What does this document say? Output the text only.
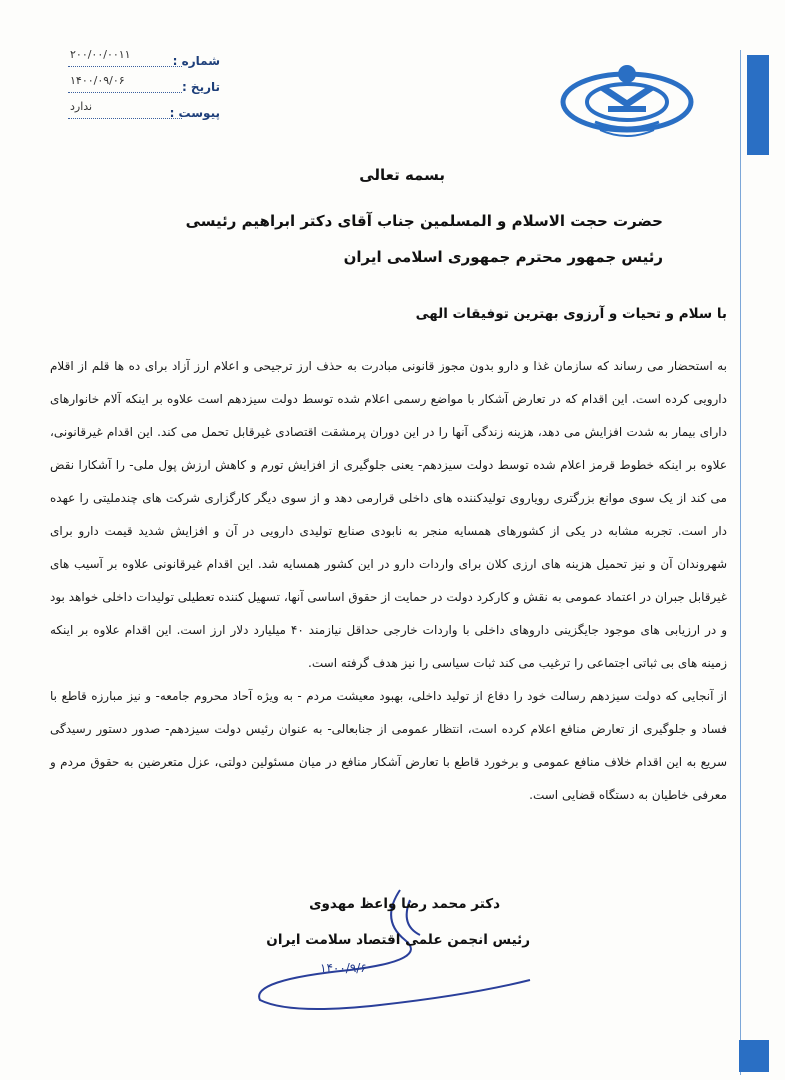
شماره :
۲۰۰/۰۰/۰۰۱۱
تاریخ :
۱۴۰۰/۰۹/۰۶
پیوست :
ندارد
بسمه تعالی
حضرت حجت الاسلام و المسلمین جناب آقای دکتر ابراهیم رئیسی
رئیس جمهور محترم جمهوری اسلامی ایران
با سلام و تحیات و آرزوی بهترین توفیقات الهی

به استحضار می رساند که سازمان غذا و دارو بدون مجوز قانونی مبادرت به حذف ارز ترجیحی و اعلام ارز آزاد برای ده ها قلم از اقلام دارویی کرده است. این اقدام که در تعارض آشکار با مواضع رسمی اعلام شده توسط دولت سیزدهم است علاوه بر اینکه آلام خانوارهای دارای بیمار به شدت افزایش می دهد، هزینه زندگی آنها را در این دوران پرمشقت اقتصادی غیرقابل تحمل می کند. این اقدام غیرقانونی، علاوه بر اینکه خطوط قرمز اعلام شده توسط دولت سیزدهم- یعنی جلوگیری از افزایش تورم و کاهش ارزش پول ملی- را آشکارا نقض می کند از یک سوی موانع بزرگتری رویاروی تولیدکننده های داخلی قرارمی دهد و از سوی دیگر کارگزاری شرکت های چندملیتی را عهده دار است. تجربه مشابه در یکی از کشورهای همسایه منجر به نابودی صنایع تولیدی دارویی در آن و افزایش شدید قیمت دارو برای شهروندان آن و نیز تحمیل هزینه های ارزی کلان برای واردات دارو در این کشور همسایه شد. این اقدام غیرقانونی علاوه بر آسیب های غیرقابل جبران در اعتماد عمومی به نقش و کارکرد دولت در حمایت از حقوق اساسی آنها، تسهیل کننده تعطیلی تولیدات داخلی خواهد بود و در ارزیابی های موجود جایگزینی داروهای داخلی با واردات خارجی حداقل نیازمند ۴۰ میلیارد دلار ارز است. این اقدام علاوه بر اینکه زمینه های بی ثباتی اجتماعی را ترغیب می کند ثبات سیاسی را نیز هدف گرفته است.

از آنجایی که دولت سیزدهم رسالت خود را دفاع از تولید داخلی، بهبود معیشت مردم - به ویژه آحاد محروم جامعه- و نیز مبارزه قاطع با فساد و جلوگیری از تعارض منافع اعلام کرده است، انتظار عمومی از جنابعالی- به عنوان رئیس دولت سیزدهم- صدور دستور رسیدگی سریع به این اقدام خلاف منافع عمومی و برخورد قاطع با تعارض آشکار منافع در میان مسئولین دولتی، عزل متعرضین به حقوق مردم و معرفی خاطیان به دستگاه قضایی است.

دکتر محمد رضا واعظ مهدوی
رئیس انجمن علمی اقتصاد سلامت ایران
۱۴۰۰/۹/۶
